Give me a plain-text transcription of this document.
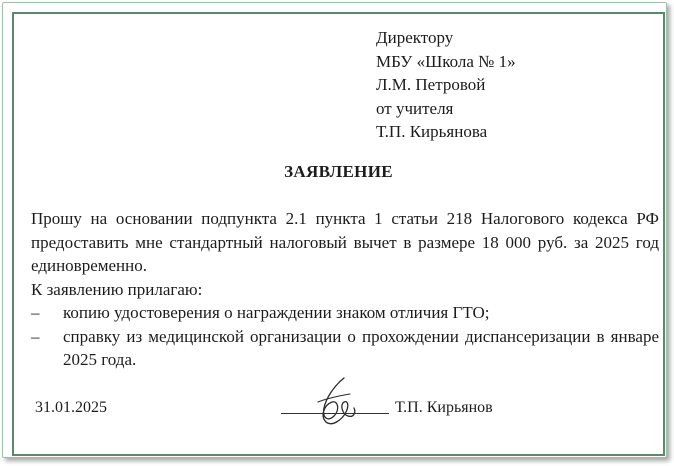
Директору
МБУ «Школа № 1»
Л.М. Петровой
от учителя
Т.П. Кирьянова
ЗАЯВЛЕНИЕ
Прошу на основании подпункта 2.1 пункта 1 статьи 218 Налогового кодекса РФ предоставить мне стандартный налоговый вычет в размере 18 000 руб. за 2025 год единовременно.
К заявлению прилагаю:
– копию удостоверения о награждении знаком отличия ГТО;
– справку из медицинской организации о прохождении диспансеризации в январе 2025 года.
31.01.2025	Т.П. Кирьянов
